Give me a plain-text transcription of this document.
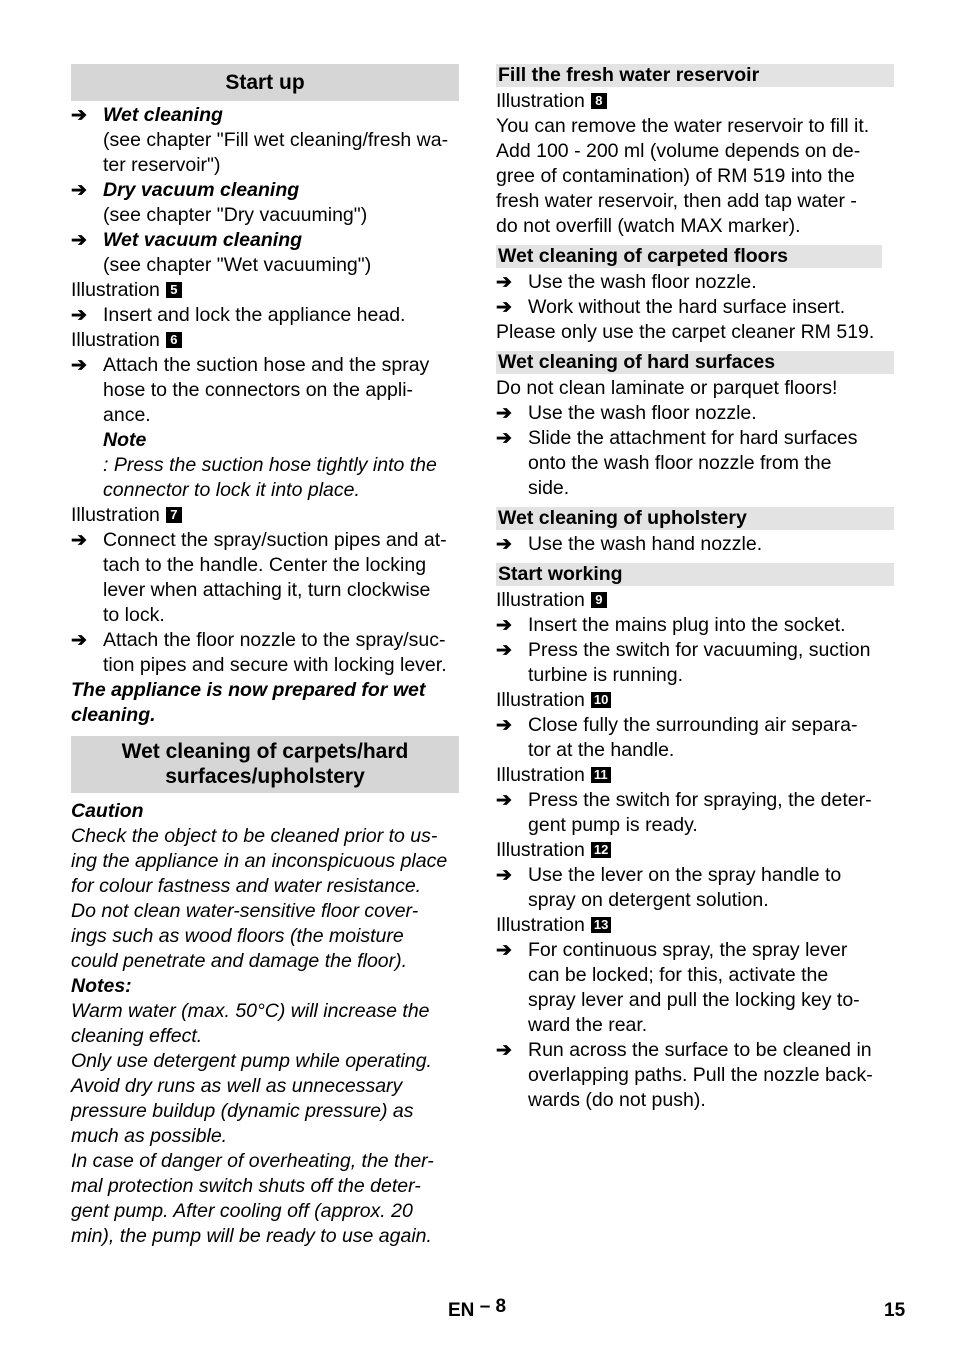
Start up
➔ Wet cleaning
(see chapter "Fill wet cleaning/fresh wa-
ter reservoir")
➔ Dry vacuum cleaning
(see chapter "Dry vacuuming")
➔ Wet vacuum cleaning
(see chapter "Wet vacuuming")
Illustration 5
➔ Insert and lock the appliance head.
Illustration 6
➔ Attach the suction hose and the spray
hose to the connectors on the appli-
ance.
Note
: Press the suction hose tightly into the
connector to lock it into place.
Illustration 7
➔ Connect the spray/suction pipes and at-
tach to the handle. Center the locking
lever when attaching it, turn clockwise
to lock.
➔ Attach the floor nozzle to the spray/suc-
tion pipes and secure with locking lever.
The appliance is now prepared for wet
cleaning.
Wet cleaning of carpets/hard
surfaces/upholstery
Caution
Check the object to be cleaned prior to us-
ing the appliance in an inconspicuous place
for colour fastness and water resistance.
Do not clean water-sensitive floor cover-
ings such as wood floors (the moisture
could penetrate and damage the floor).
Notes:
Warm water (max. 50°C) will increase the
cleaning effect.
Only use detergent pump while operating.
Avoid dry runs as well as unnecessary
pressure buildup (dynamic pressure) as
much as possible.
In case of danger of overheating, the ther-
mal protection switch shuts off the deter-
gent pump. After cooling off (approx. 20
min), the pump will be ready to use again.
Fill the fresh water reservoir
Illustration 8
You can remove the water reservoir to fill it.
Add 100 - 200 ml (volume depends on de-
gree of contamination) of RM 519 into the
fresh water reservoir, then add tap water -
do not overfill (watch MAX marker).
Wet cleaning of carpeted floors
➔ Use the wash floor nozzle.
➔ Work without the hard surface insert.
Please only use the carpet cleaner RM 519.
Wet cleaning of hard surfaces
Do not clean laminate or parquet floors!
➔ Use the wash floor nozzle.
➔ Slide the attachment for hard surfaces
onto the wash floor nozzle from the
side.
Wet cleaning of upholstery
➔ Use the wash hand nozzle.
Start working
Illustration 9
➔ Insert the mains plug into the socket.
➔ Press the switch for vacuuming, suction
turbine is running.
Illustration 10
➔ Close fully the surrounding air separa-
tor at the handle.
Illustration 11
➔ Press the switch for spraying, the deter-
gent pump is ready.
Illustration 12
➔ Use the lever on the spray handle to
spray on detergent solution.
Illustration 13
➔ For continuous spray, the spray lever
can be locked; for this, activate the
spray lever and pull the locking key to-
ward the rear.
➔ Run across the surface to be cleaned in
overlapping paths. Pull the nozzle back-
wards (do not push).
EN – 8	15
